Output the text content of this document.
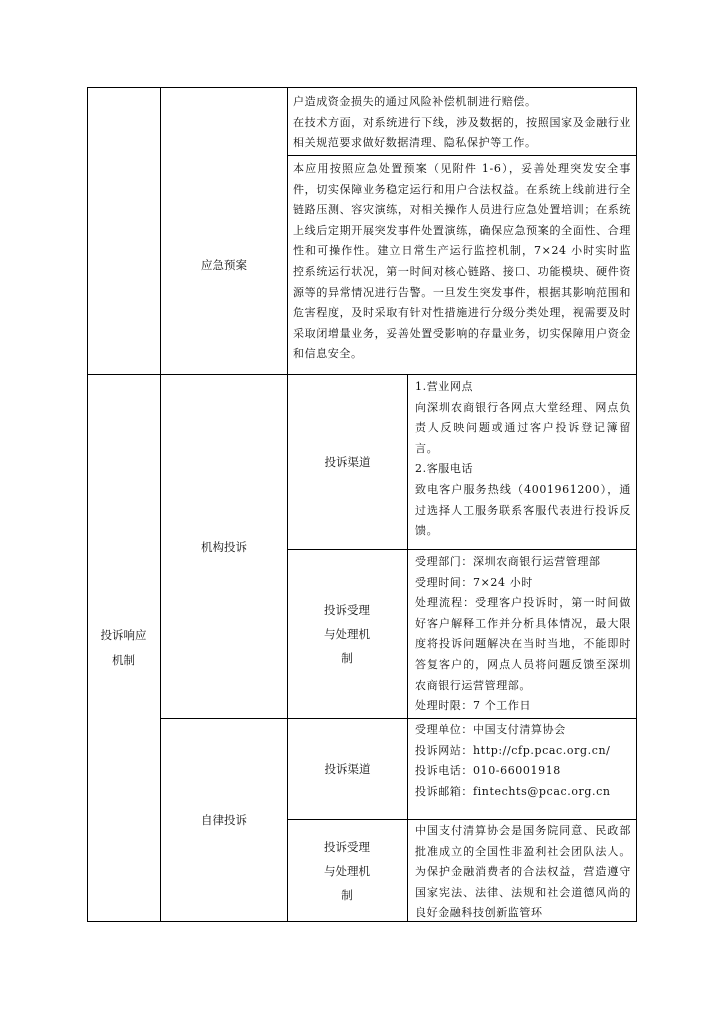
户造成资金损失的通过风险补偿机制进行赔偿。
在技术方面，对系统进行下线，涉及数据的，按照国家及金融行业相关规范要求做好数据清理、隐私保护等工作。
应急预案
本应用按照应急处置预案（见附件 1-6），妥善处理突发安全事件，切实保障业务稳定运行和用户合法权益。在系统上线前进行全链路压测、容灾演练，对相关操作人员进行应急处置培训；在系统上线后定期开展突发事件处置演练，确保应急预案的全面性、合理性和可操作性。建立日常生产运行监控机制，7×24 小时实时监控系统运行状况，第一时间对核心链路、接口、功能模块、硬件资源等的异常情况进行告警。一旦发生突发事件，根据其影响范围和危害程度，及时采取有针对性措施进行分级分类处理，视需要及时采取闭增量业务，妥善处置受影响的存量业务，切实保障用户资金和信息安全。
投诉响应机制
机构投诉
投诉渠道
1.营业网点
向深圳农商银行各网点大堂经理、网点负责人反映问题或通过客户投诉登记簿留言。
2.客服电话
致电客户服务热线（4001961200），通过选择人工服务联系客服代表进行投诉反馈。
投诉受理与处理机制
受理部门：深圳农商银行运营管理部
受理时间：7×24 小时
处理流程：受理客户投诉时，第一时间做好客户解释工作并分析具体情况，最大限度将投诉问题解决在当时当地，不能即时答复客户的，网点人员将问题反馈至深圳农商银行运营管理部。
处理时限：7 个工作日
自律投诉
投诉渠道
受理单位：中国支付清算协会
投诉网站：http://cfp.pcac.org.cn/
投诉电话：010-66001918
投诉邮箱：fintechts@pcac.org.cn
投诉受理与处理机制
中国支付清算协会是国务院同意、民政部批准成立的全国性非盈利社会团队法人。为保护金融消费者的合法权益，营造遵守国家宪法、法律、法规和社会道德风尚的良好金融科技创新监管环
